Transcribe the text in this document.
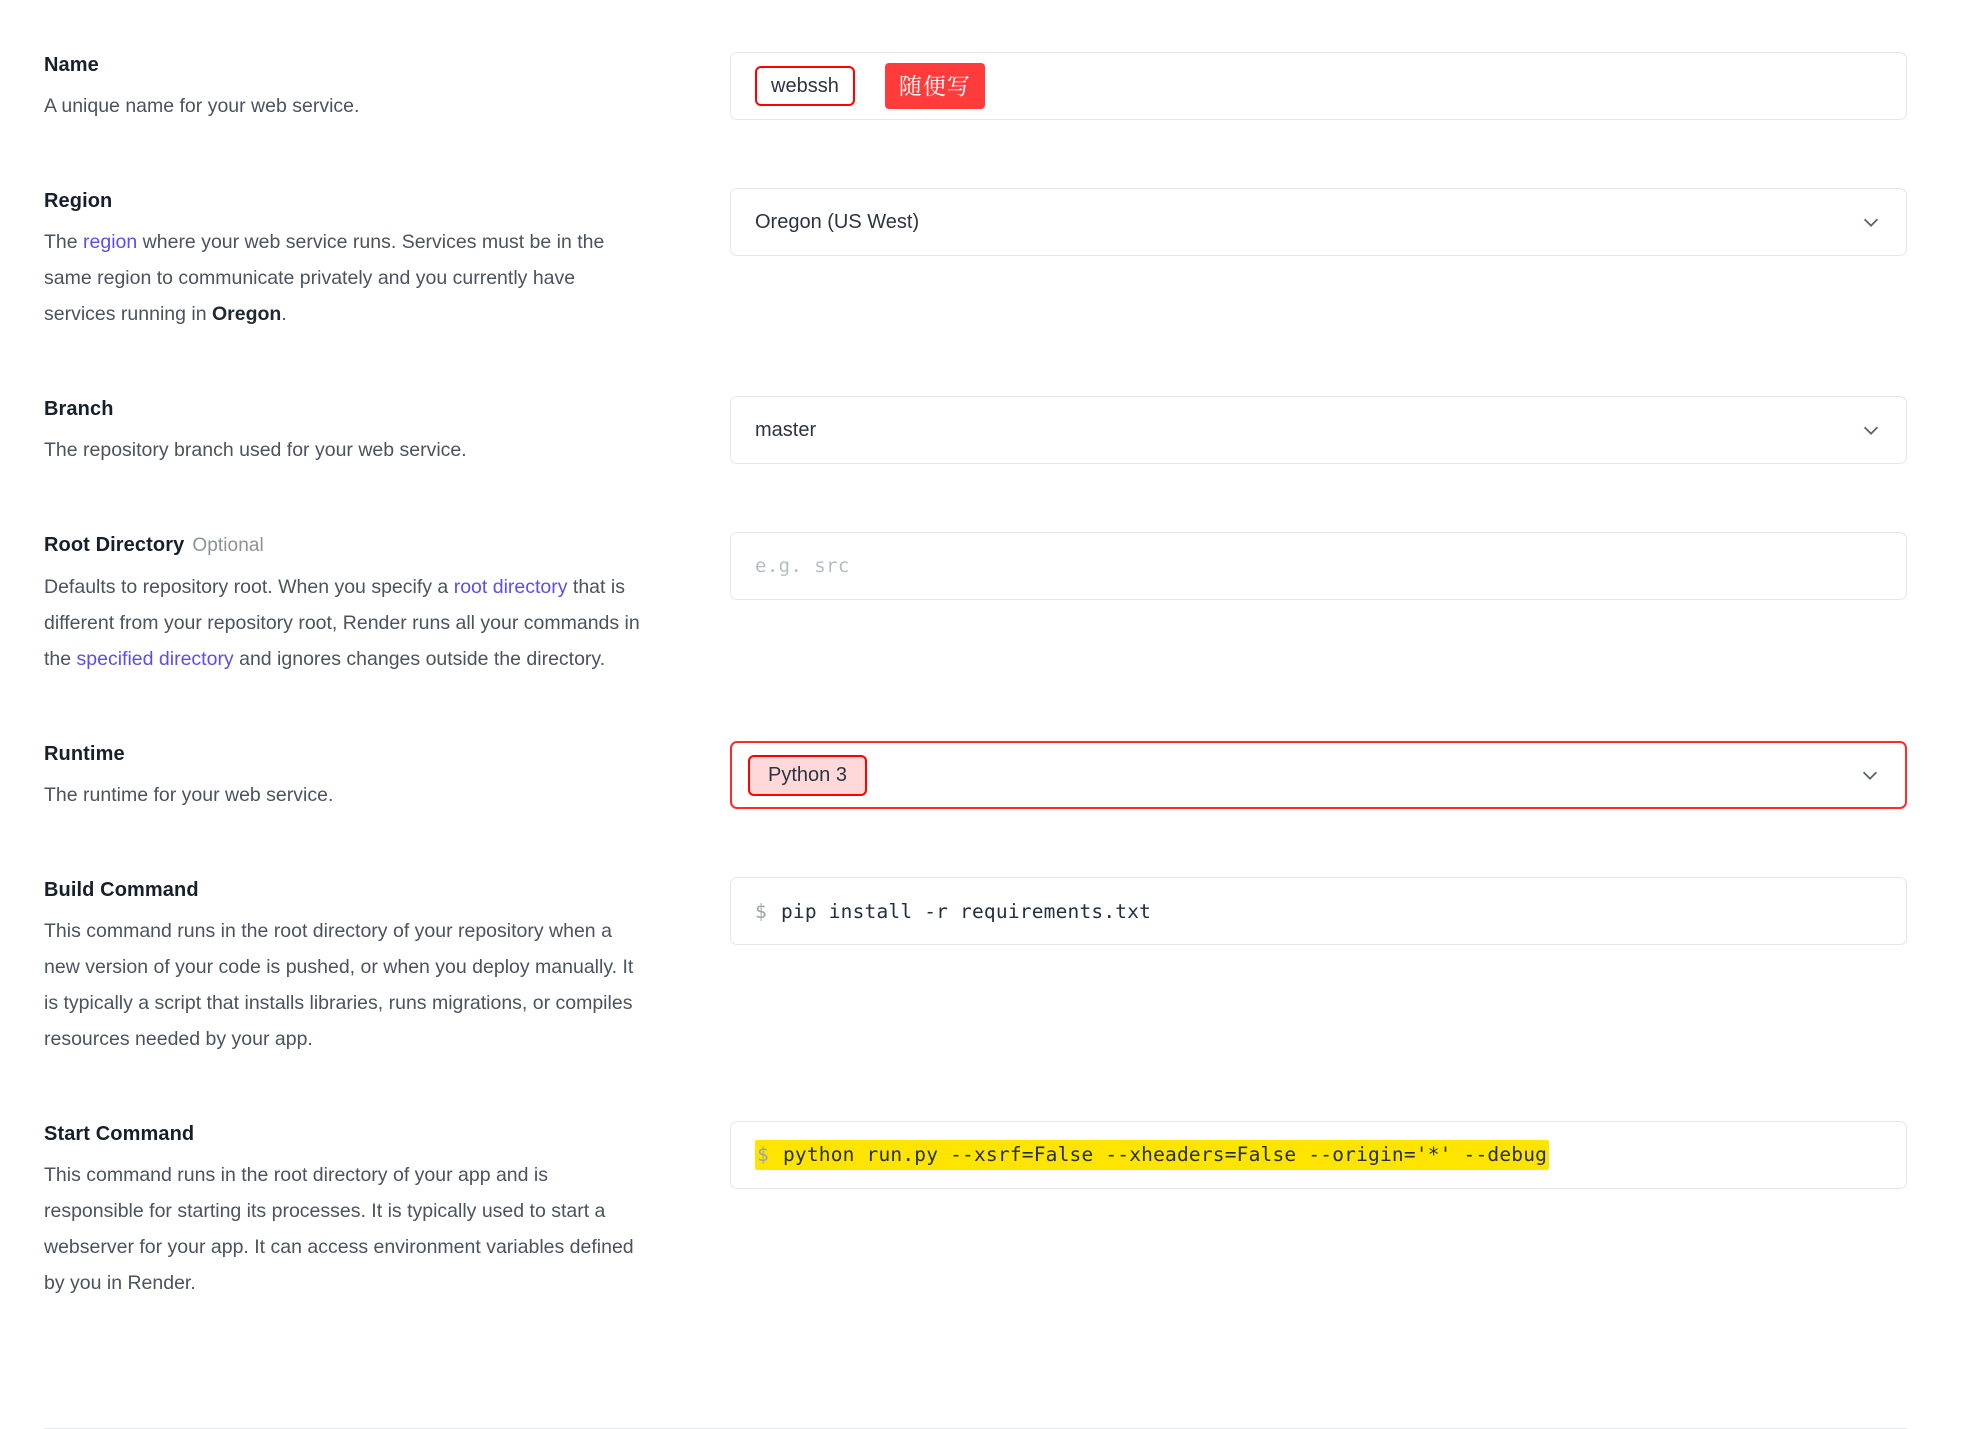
Name
A unique name for your web service.
webssh	随便写
Region
The region where your web service runs. Services must be in the same region to communicate privately and you currently have services running in Oregon.
Oregon (US West)
Branch
The repository branch used for your web service.
master
Root Directory Optional
Defaults to repository root. When you specify a root directory that is different from your repository root, Render runs all your commands in the specified directory and ignores changes outside the directory.
e.g. src
Runtime
The runtime for your web service.
Python 3
Build Command
This command runs in the root directory of your repository when a new version of your code is pushed, or when you deploy manually. It is typically a script that installs libraries, runs migrations, or compiles resources needed by your app.
$ pip install -r requirements.txt
Start Command
This command runs in the root directory of your app and is responsible for starting its processes. It is typically used to start a webserver for your app. It can access environment variables defined by you in Render.
$ python run.py --xsrf=False --xheaders=False --origin='*' --debug
